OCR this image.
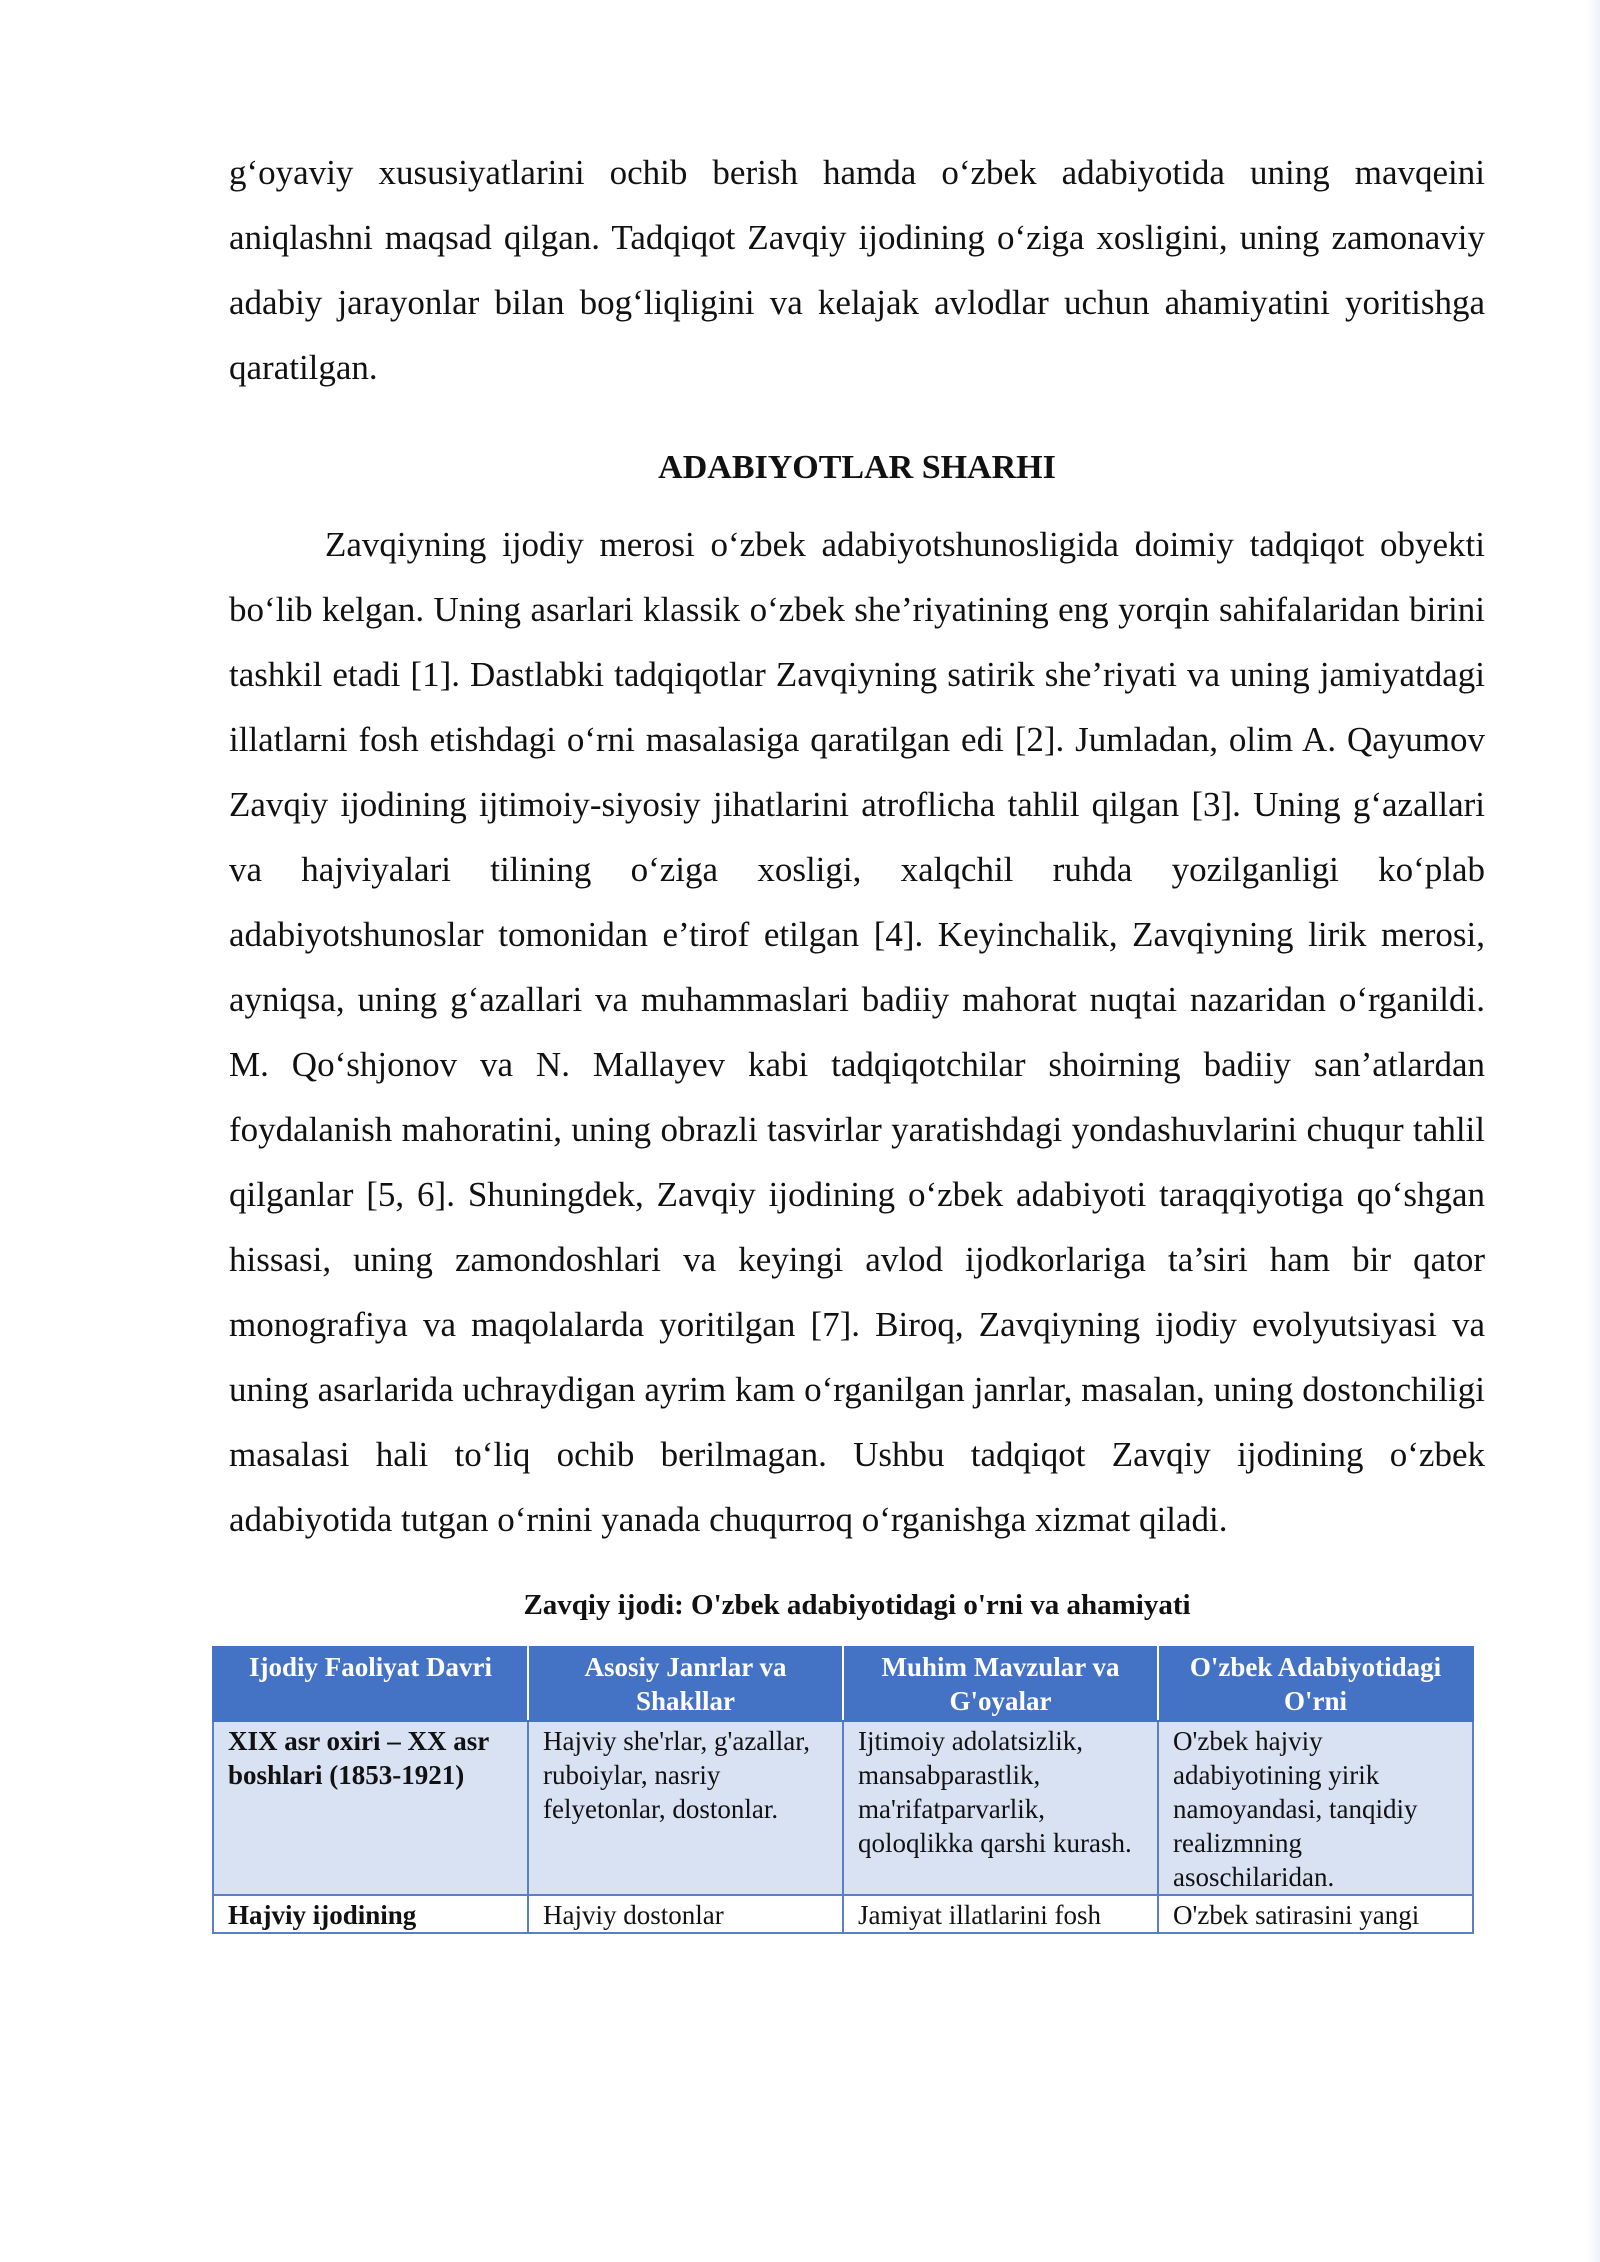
g‘oyaviy xususiyatlarini ochib berish hamda o‘zbek adabiyotida uning mavqeini aniqlashni maqsad qilgan. Tadqiqot Zavqiy ijodining o‘ziga xosligini, uning zamonaviy adabiy jarayonlar bilan bog‘liqligini va kelajak avlodlar uchun ahamiyatini yoritishga qaratilgan.

ADABIYOTLAR SHARHI

Zavqiyning ijodiy merosi o‘zbek adabiyotshunosligida doimiy tadqiqot obyekti bo‘lib kelgan. Uning asarlari klassik o‘zbek she’riyatining eng yorqin sahifalaridan birini tashkil etadi [1]. Dastlabki tadqiqotlar Zavqiyning satirik she’riyati va uning jamiyatdagi illatlarni fosh etishdagi o‘rni masalasiga qaratilgan edi [2]. Jumladan, olim A. Qayumov Zavqiy ijodining ijtimoiy-siyosiy jihatlarini atroflicha tahlil qilgan [3]. Uning g‘azallari va hajviyalari tilining o‘ziga xosligi, xalqchil ruhda yozilganligi ko‘plab adabiyotshunoslar tomonidan e’tirof etilgan [4]. Keyinchalik, Zavqiyning lirik merosi, ayniqsa, uning g‘azallari va muhammaslari badiiy mahorat nuqtai nazaridan o‘rganildi. M. Qo‘shjonov va N. Mallayev kabi tadqiqotchilar shoirning badiiy san’atlardan foydalanish mahoratini, uning obrazli tasvirlar yaratishdagi yondashuvlarini chuqur tahlil qilganlar [5, 6]. Shuningdek, Zavqiy ijodining o‘zbek adabiyoti taraqqiyotiga qo‘shgan hissasi, uning zamondoshlari va keyingi avlod ijodkorlariga ta’siri ham bir qator monografiya va maqolalarda yoritilgan [7]. Biroq, Zavqiyning ijodiy evolyutsiyasi va uning asarlarida uchraydigan ayrim kam o‘rganilgan janrlar, masalan, uning dostonchiligi masalasi hali to‘liq ochib berilmagan. Ushbu tadqiqot Zavqiy ijodining o‘zbek adabiyotida tutgan o‘rnini yanada chuqurroq o‘rganishga xizmat qiladi.

Zavqiy ijodi: O'zbek adabiyotidagi o'rni va ahamiyati
Ijodiy Faoliyat Davri	Asosiy Janrlar va Shakllar	Muhim Mavzular va G'oyalar	O'zbek Adabiyotidagi O'rni
XIX asr oxiri – XX asr boshlari (1853-1921)	Hajviy she'rlar, g'azallar, ruboiylar, nasriy felyetonlar, dostonlar.	Ijtimoiy adolatsizlik, mansabparastlik, ma'rifatparvarlik, qoloqlikka qarshi kurash.	O'zbek hajviy adabiyotining yirik namoyandasi, tanqidiy realizmning asoschilaridan.
Hajviy ijodining	Hajviy dostonlar	Jamiyat illatlarini fosh	O'zbek satirasini yangi
